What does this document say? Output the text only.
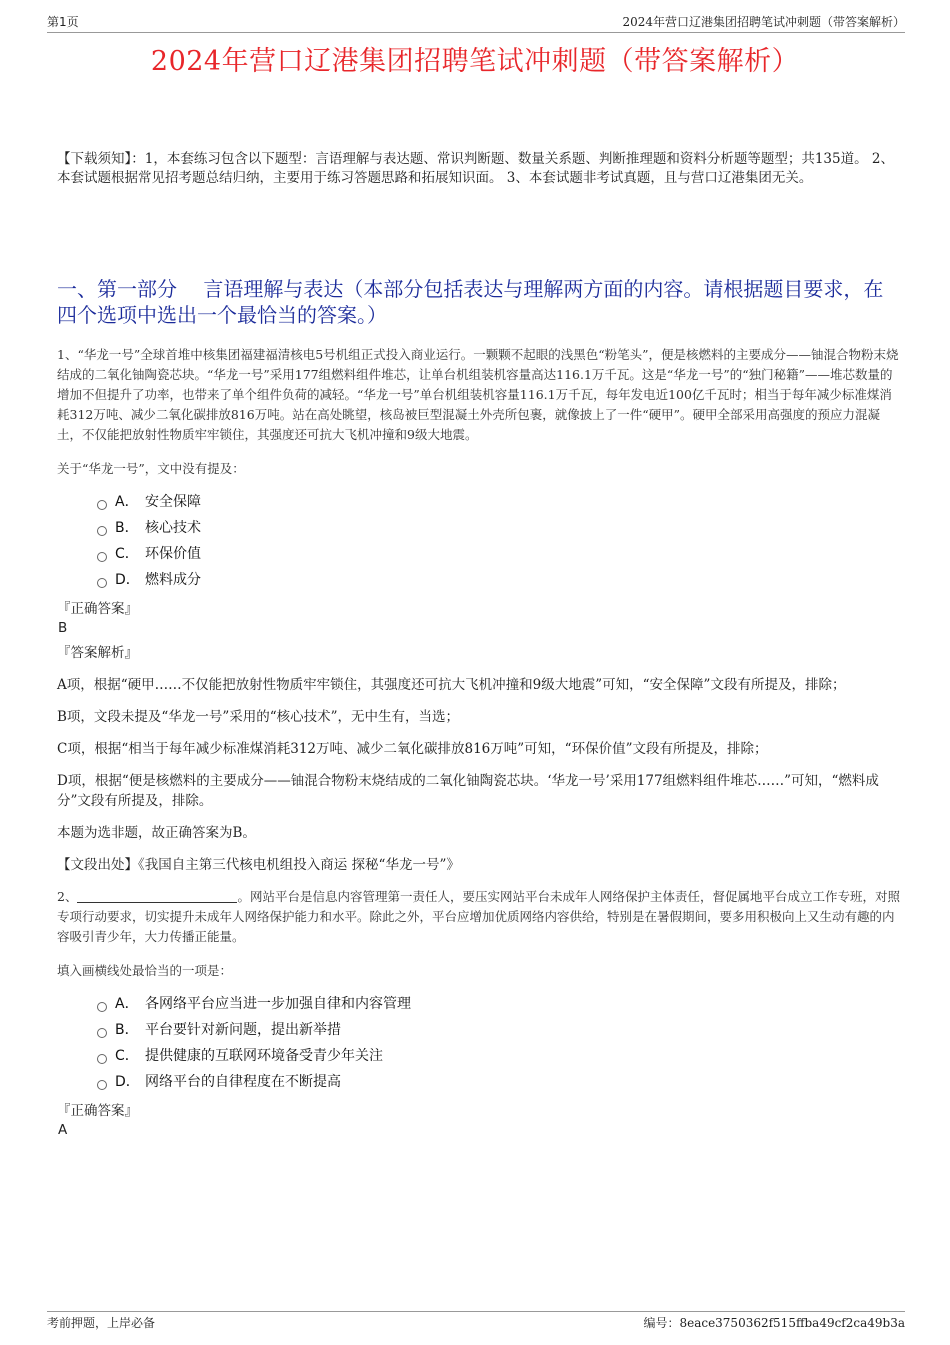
第1页	2024年营口辽港集团招聘笔试冲刺题（带答案解析）
2024年营口辽港集团招聘笔试冲刺题（带答案解析）
【下载须知】：1，本套练习包含以下题型：言语理解与表达题、常识判断题、数量关系题、判断推理题和资料分析题等题型；共135道。 2、本套试题根据常见招考题总结归纳，主要用于练习答题思路和拓展知识面。 3、本套试题非考试真题，且与营口辽港集团无关。
一、第一部分　 言语理解与表达（本部分包括表达与理解两方面的内容。请根据题目要求，在四个选项中选出一个最恰当的答案。）

1、“华龙一号”全球首堆中核集团福建福清核电5号机组正式投入商业运行。一颗颗不起眼的浅黑色“粉笔头”，便是核燃料的主要成分——铀混合物粉末烧结成的二氧化铀陶瓷芯块。“华龙一号”采用177组燃料组件堆芯，让单台机组装机容量高达116.1万千瓦。这是“华龙一号”的“独门秘籍”——堆芯数量的增加不但提升了功率，也带来了单个组件负荷的减轻。“华龙一号”单台机组装机容量116.1万千瓦，每年发电近100亿千瓦时；相当于每年减少标准煤消耗312万吨、减少二氧化碳排放816万吨。站在高处眺望，核岛被巨型混凝土外壳所包裹，就像披上了一件“硬甲”。硬甲全部采用高强度的预应力混凝土，不仅能把放射性物质牢牢锁住，其强度还可抗大飞机冲撞和9级大地震。

关于“华龙一号”，文中没有提及：

A． 安全保障
B． 核心技术
C． 环保价值
D． 燃料成分
『正确答案』
B
『答案解析』

A项，根据“硬甲……不仅能把放射性物质牢牢锁住，其强度还可抗大飞机冲撞和9级大地震”可知，“安全保障”文段有所提及，排除；

B项，文段未提及“华龙一号”采用的“核心技术”，无中生有，当选；

C项，根据“相当于每年减少标准煤消耗312万吨、减少二氧化碳排放816万吨”可知，“环保价值”文段有所提及，排除；

D项，根据“便是核燃料的主要成分——铀混合物粉末烧结成的二氧化铀陶瓷芯块。‘华龙一号’采用177组燃料组件堆芯……”可知，“燃料成分”文段有所提及，排除。

本题为选非题，故正确答案为B。

【文段出处】《我国自主第三代核电机组投入商运 探秘“华龙一号”》

2、	。网站平台是信息内容管理第一责任人，要压实网站平台未成年人网络保护主体责任，督促属地平台成立工作专班，对照专项行动要求，切实提升未成年人网络保护能力和水平。除此之外，平台应增加优质网络内容供给，特别是在暑假期间，要多用积极向上又生动有趣的内容吸引青少年，大力传播正能量。

填入画横线处最恰当的一项是：

A． 各网络平台应当进一步加强自律和内容管理
B． 平台要针对新问题，提出新举措
C． 提供健康的互联网环境备受青少年关注
D． 网络平台的自律程度在不断提高
『正确答案』
A
考前押题，上岸必备	编号：8eace3750362f515ffba49cf2ca49b3a
